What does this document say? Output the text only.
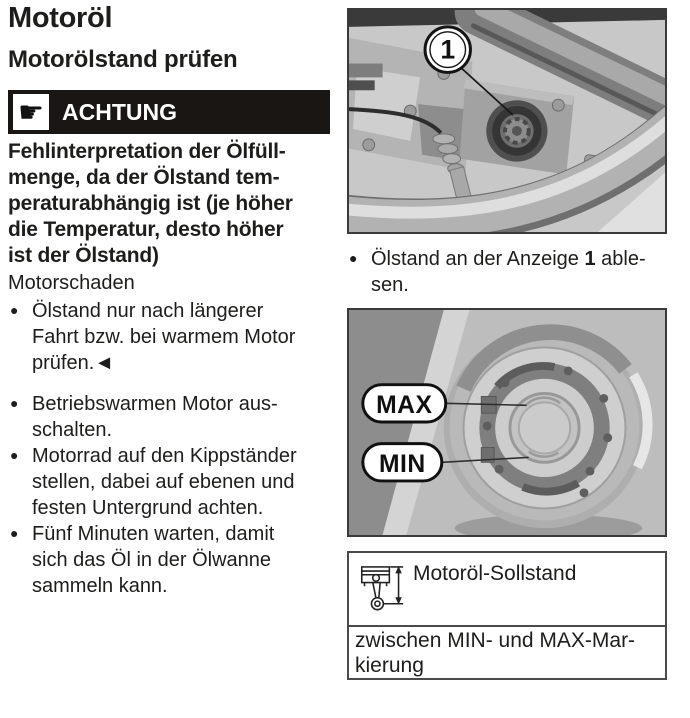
Motoröl
Motorölstand prüfen
☛ ACHTUNG
Fehlinterpretation der Ölfüll-
menge, da der Ölstand tem-
peraturabhängig ist (je höher
die Temperatur, desto höher
ist der Ölstand)
Motorschaden
● Ölstand nur nach längerer
Fahrt bzw. bei warmem Motor
prüfen.◄
● Betriebswarmen Motor aus-
schalten.
● Motorrad auf den Kippständer
stellen, dabei auf ebenen und
festen Untergrund achten.
● Fünf Minuten warten, damit
sich das Öl in der Ölwanne
sammeln kann.
1
● Ölstand an der Anzeige 1 able-
sen.
MAX
MIN
Motoröl-Sollstand
zwischen MIN- und MAX-Mar-
kierung
